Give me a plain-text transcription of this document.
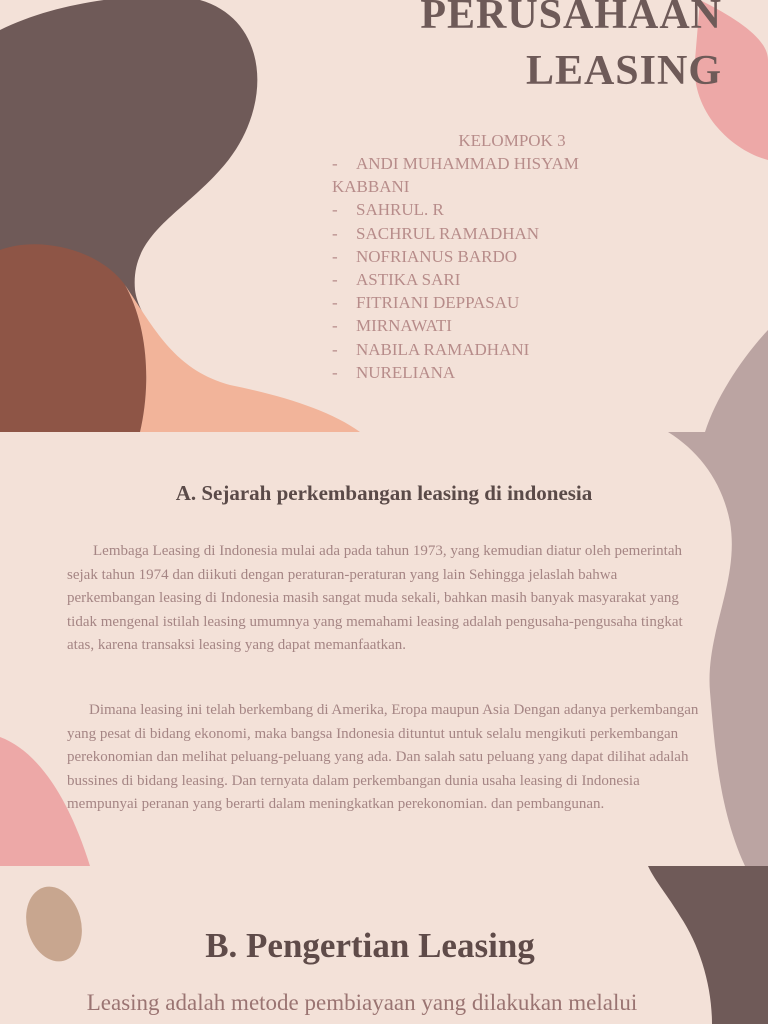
PERUSAHAAN
LEASING

KELOMPOK 3

- ANDI MUHAMMAD HISYAM
KABBANI
- SAHRUL. R
- SACHRUL RAMADHAN
- NOFRIANUS BARDO
- ASTIKA SARI
- FITRIANI DEPPASAU
- MIRNAWATI
- NABILA RAMADHANI
- NURELIANA
A. Sejarah perkembangan leasing di indonesia

Lembaga Leasing di Indonesia mulai ada pada tahun 1973, yang kemudian diatur oleh pemerintah sejak tahun 1974 dan diikuti dengan peraturan-peraturan yang lain Sehingga jelaslah bahwa perkembangan leasing di Indonesia masih sangat muda sekali, bahkan masih banyak masyarakat yang tidak mengenal istilah leasing umumnya yang memahami leasing adalah pengusaha-pengusaha tingkat atas, karena transaksi leasing yang dapat memanfaatkan.

Dimana leasing ini telah berkembang di Amerika, Eropa maupun Asia Dengan adanya perkembangan yang pesat di bidang ekonomi, maka bangsa Indonesia dituntut untuk selalu mengikuti perkembangan perekonomian dan melihat peluang-peluang yang ada. Dan salah satu peluang yang dapat dilihat adalah bussines di bidang leasing. Dan ternyata dalam perkembangan dunia usaha leasing di Indonesia mempunyai peranan yang berarti dalam meningkatkan perekonomian. dan pembangunan.

B. Pengertian Leasing

Leasing adalah metode pembiayaan yang dilakukan melalui
